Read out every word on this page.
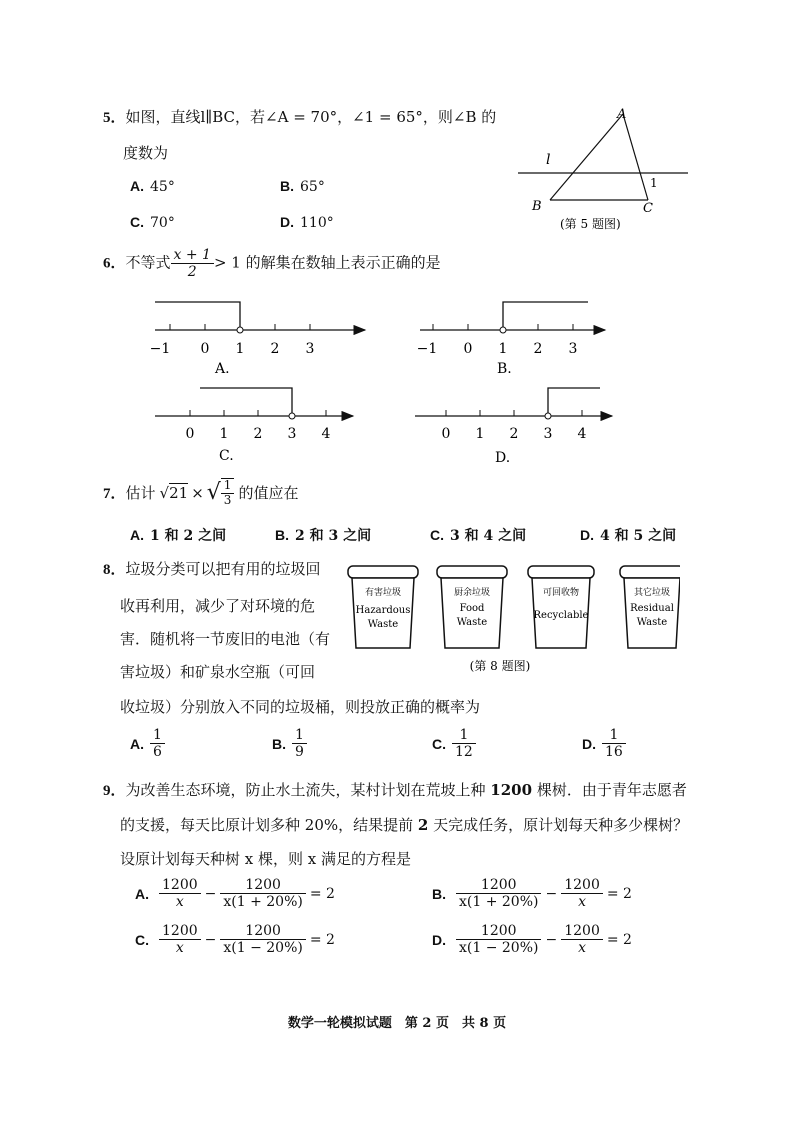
5．如图，直线l∥BC，若∠A = 70°，∠1 = 65°，则∠B 的
度数为
A. 45°	B. 65°
C. 70°	D. 110°
A
B	C
l
1
(第 5 题图)
6．不等式 $\frac{x + 1}{2} > 1$ 的解集在数轴上表示正确的是
−1 0 1 2 3
A.
−1 0 1 2 3
B.
0 1 2 3 4
C.
0 1 2 3 4
D.
7． 估计 √21 × √ $\frac{1}{3}$ 的值应在
A. 1 和 2 之间	B. 2 和 3 之间	C. 3 和 4 之间	D. 4 和 5 之间
8．垃圾分类可以把有用的垃圾回
收再利用，减少了对环境的危
害．随机将一节废旧的电池（有
害垃圾）和矿泉水空瓶（可回
收垃圾）分别放入不同的垃圾桶，则投放正确的概率为
有害垃圾
Hazardous
Waste
厨余垃圾
Food
Waste
可回收物
Recyclable
其它垃圾
Residual
Waste
(第 8 题图)
A. $\frac{1}{6}$	B. $\frac{1}{9}$	C. $\frac{1}{12}$	D. $\frac{1}{16}$
9．为改善生态环境，防止水土流失，某村计划在荒坡上种 1200 棵树．由于青年志愿者
的支援，每天比原计划多种 20%，结果提前 2 天完成任务，原计划每天种多少棵树？
设原计划每天种树 x 棵，则 x 满足的方程是
A. $\frac{1200}{x} - \frac{1200}{x(1 + 20\%)} = 2$	B. $\frac{1200}{x(1 + 20\%)} - \frac{1200}{x} = 2$
C. $\frac{1200}{x} - \frac{1200}{x(1 - 20\%)} = 2$	D. $\frac{1200}{x(1 - 20\%)} - \frac{1200}{x} = 2$
数学一轮模拟试题　第 2 页　共 8 页
